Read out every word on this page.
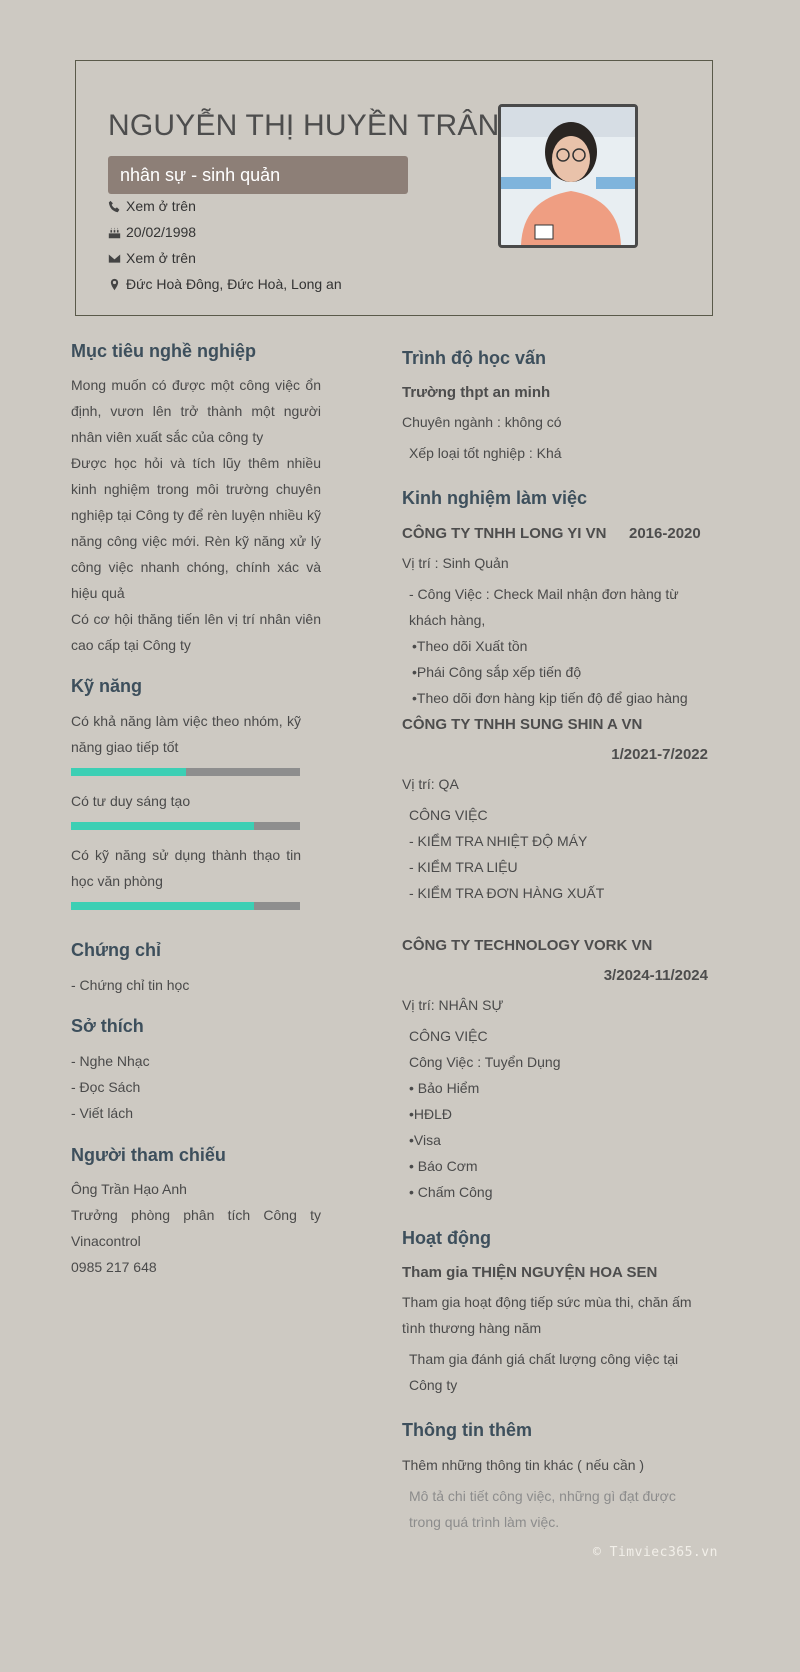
NGUYỄN THỊ HUYỀN TRÂN
nhân sự - sinh quản
Xem ở trên
20/02/1998
Xem ở trên
Đức Hoà Đông, Đức Hoà, Long an
Mục tiêu nghề nghiệp
Mong muốn có được một công việc ổn định, vươn lên trở thành một người nhân viên xuất sắc của công ty
Được học hỏi và tích lũy thêm nhiều kinh nghiệm trong môi trường chuyên nghiệp tại Công ty để rèn luyện nhiều kỹ năng công việc mới. Rèn kỹ năng xử lý công việc nhanh chóng, chính xác và hiệu quả
Có cơ hội thăng tiến lên vị trí nhân viên cao cấp tại Công ty
Kỹ năng
Có khả năng làm việc theo nhóm, kỹ năng giao tiếp tốt
Có tư duy sáng tạo
Có kỹ năng sử dụng thành thạo tin học văn phòng
Chứng chỉ
- Chứng chỉ tin học
Sở thích
- Nghe Nhạc
- Đọc Sách
- Viết lách
Người tham chiếu
Ông Trần Hạo Anh
Trưởng phòng phân tích Công ty Vinacontrol
0985 217 648
Trình độ học vấn
Trường thpt an minh
Chuyên ngành : không có
Xếp loại tốt nghiệp : Khá
Kinh nghiệm làm việc
CÔNG TY TNHH LONG YI VN 2016-2020
Vị trí : Sinh Quản
- Công Việc : Check Mail nhận đơn hàng từ khách hàng,
•Theo dõi Xuất tồn
•Phái Công sắp xếp tiến độ
•Theo dõi đơn hàng kịp tiến độ để giao hàng
CÔNG TY TNHH SUNG SHIN A VN
1/2021-7/2022
Vị trí: QA
CÔNG VIỆC
- KIỂM TRA NHIỆT ĐỘ MÁY
- KIỂM TRA LIỆU
- KIỂM TRA ĐƠN HÀNG XUẤT
CÔNG TY TECHNOLOGY VORK VN
3/2024-11/2024
Vị trí: NHÂN SỰ
CÔNG VIỆC
Công Việc : Tuyển Dụng
• Bảo Hiểm
•HĐLĐ
•Visa
• Báo Cơm
• Chấm Công
Hoạt động
Tham gia THIỆN NGUYỆN HOA SEN
Tham gia hoạt động tiếp sức mùa thi, chăn ấm tình thương hàng năm
Tham gia đánh giá chất lượng công việc tại Công ty
Thông tin thêm
Thêm những thông tin khác ( nếu cần )
Mô tả chi tiết công việc, những gì đạt được trong quá trình làm việc.
© Timviec365.vn
